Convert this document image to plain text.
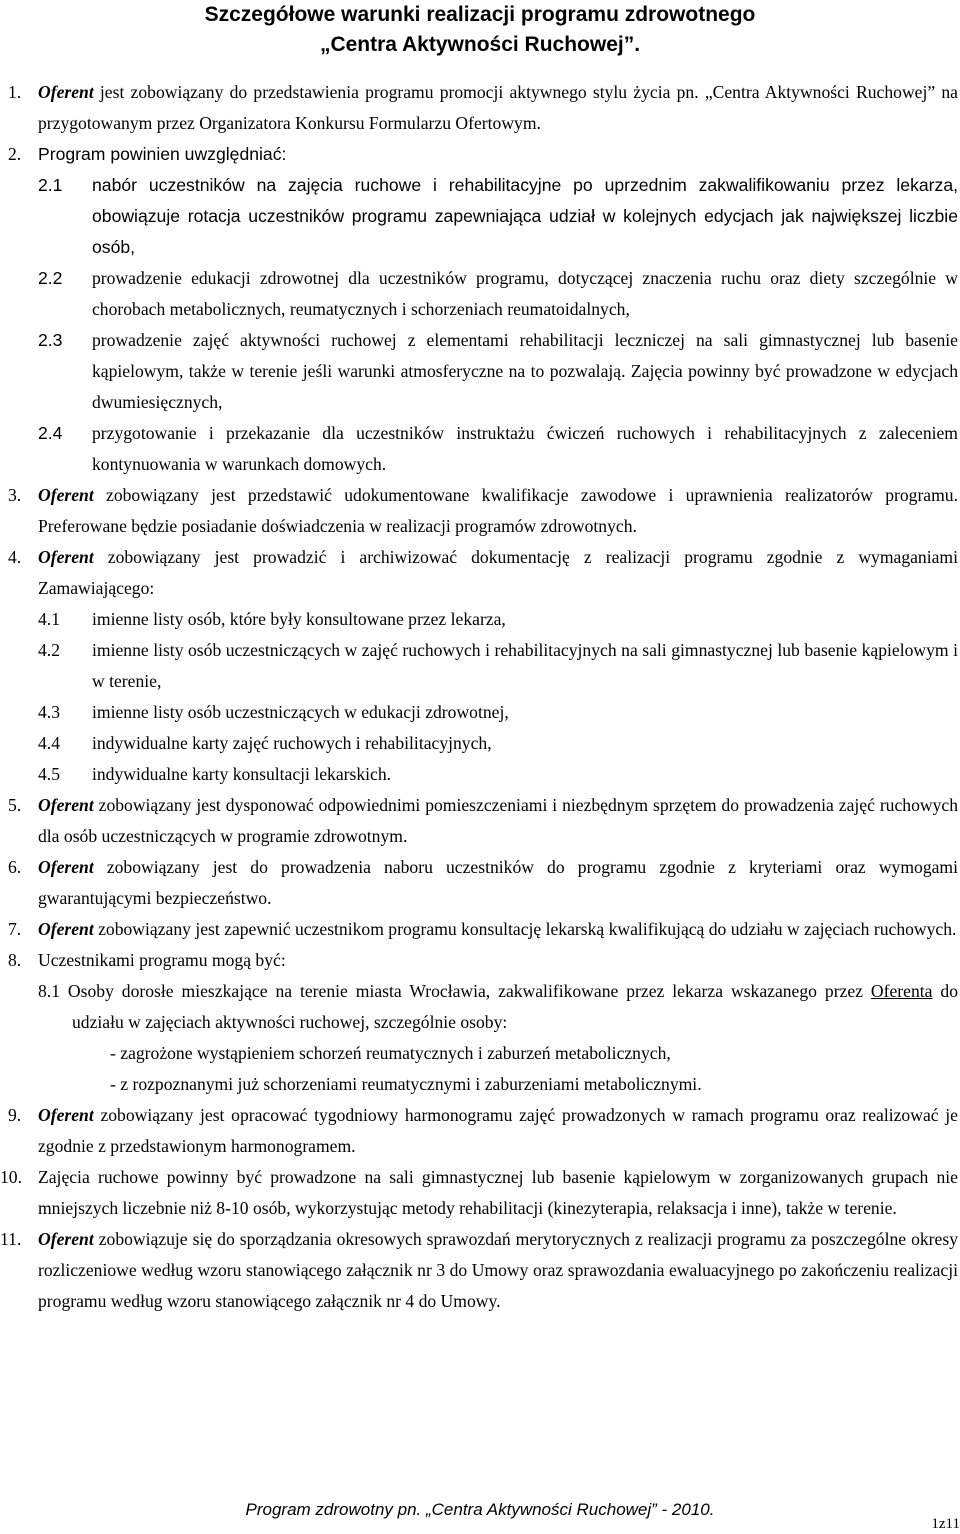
Szczegółowe warunki realizacji programu zdrowotnego
„Centra Aktywności Ruchowej”.

1. Oferent jest zobowiązany do przedstawienia programu promocji aktywnego stylu życia pn. „Centra Aktywności Ruchowej” na przygotowanym przez Organizatora Konkursu Formularzu Ofertowym.

2. Program powinien uwzględniać:

2.1 nabór uczestników na zajęcia ruchowe i rehabilitacyjne po uprzednim zakwalifikowaniu przez lekarza, obowiązuje rotacja uczestników programu zapewniająca udział w kolejnych edycjach jak największej liczbie osób,

2.2 prowadzenie edukacji zdrowotnej dla uczestników programu, dotyczącej znaczenia ruchu oraz diety szczególnie w chorobach metabolicznych, reumatycznych i schorzeniach reumatoidalnych,

2.3 prowadzenie zajęć aktywności ruchowej z elementami rehabilitacji leczniczej na sali gimnastycznej lub basenie kąpielowym, także w terenie jeśli warunki atmosferyczne na to pozwalają. Zajęcia powinny być prowadzone w edycjach dwumiesięcznych,

2.4 przygotowanie i przekazanie dla uczestników instruktażu ćwiczeń ruchowych i rehabilitacyjnych z zaleceniem kontynuowania w warunkach domowych.

3. Oferent zobowiązany jest przedstawić udokumentowane kwalifikacje zawodowe i uprawnienia realizatorów programu. Preferowane będzie posiadanie doświadczenia w realizacji programów zdrowotnych.

4. Oferent zobowiązany jest prowadzić i archiwizować dokumentację z realizacji programu zgodnie z wymaganiami Zamawiającego:

4.1 imienne listy osób, które były konsultowane przez lekarza,

4.2 imienne listy osób uczestniczących w zajęć ruchowych i rehabilitacyjnych na sali gimnastycznej lub basenie kąpielowym i w terenie,

4.3 imienne listy osób uczestniczących w edukacji zdrowotnej,

4.4 indywidualne karty zajęć ruchowych i rehabilitacyjnych,

4.5 indywidualne karty konsultacji lekarskich.

5. Oferent zobowiązany jest dysponować odpowiednimi pomieszczeniami i niezbędnym sprzętem do prowadzenia zajęć ruchowych dla osób uczestniczących w programie zdrowotnym.

6. Oferent zobowiązany jest do prowadzenia naboru uczestników do programu zgodnie z kryteriami oraz wymogami gwarantującymi bezpieczeństwo.

7. Oferent zobowiązany jest zapewnić uczestnikom programu konsultację lekarską kwalifikującą do udziału w zajęciach ruchowych.

8. Uczestnikami programu mogą być:

8.1 Osoby dorosłe mieszkające na terenie miasta Wrocławia, zakwalifikowane przez lekarza wskazanego przez Oferenta do udziału w zajęciach aktywności ruchowej, szczególnie osoby:

- zagrożone wystąpieniem schorzeń reumatycznych i zaburzeń metabolicznych,

- z rozpoznanymi już schorzeniami reumatycznymi i zaburzeniami metabolicznymi.

9. Oferent zobowiązany jest opracować tygodniowy harmonogramu zajęć prowadzonych w ramach programu oraz realizować je zgodnie z przedstawionym harmonogramem.

10. Zajęcia ruchowe powinny być prowadzone na sali gimnastycznej lub basenie kąpielowym w zorganizowanych grupach nie mniejszych liczebnie niż 8-10 osób, wykorzystując metody rehabilitacji (kinezyterapia, relaksacja i inne), także w terenie.

11. Oferent zobowiązuje się do sporządzania okresowych sprawozdań merytorycznych z realizacji programu za poszczególne okresy rozliczeniowe według wzoru stanowiącego załącznik nr 3 do Umowy oraz sprawozdania ewaluacyjnego po zakończeniu realizacji programu według wzoru stanowiącego załącznik nr 4 do Umowy.

Program zdrowotny pn. „Centra Aktywności Ruchowej” - 2010.
1z11
